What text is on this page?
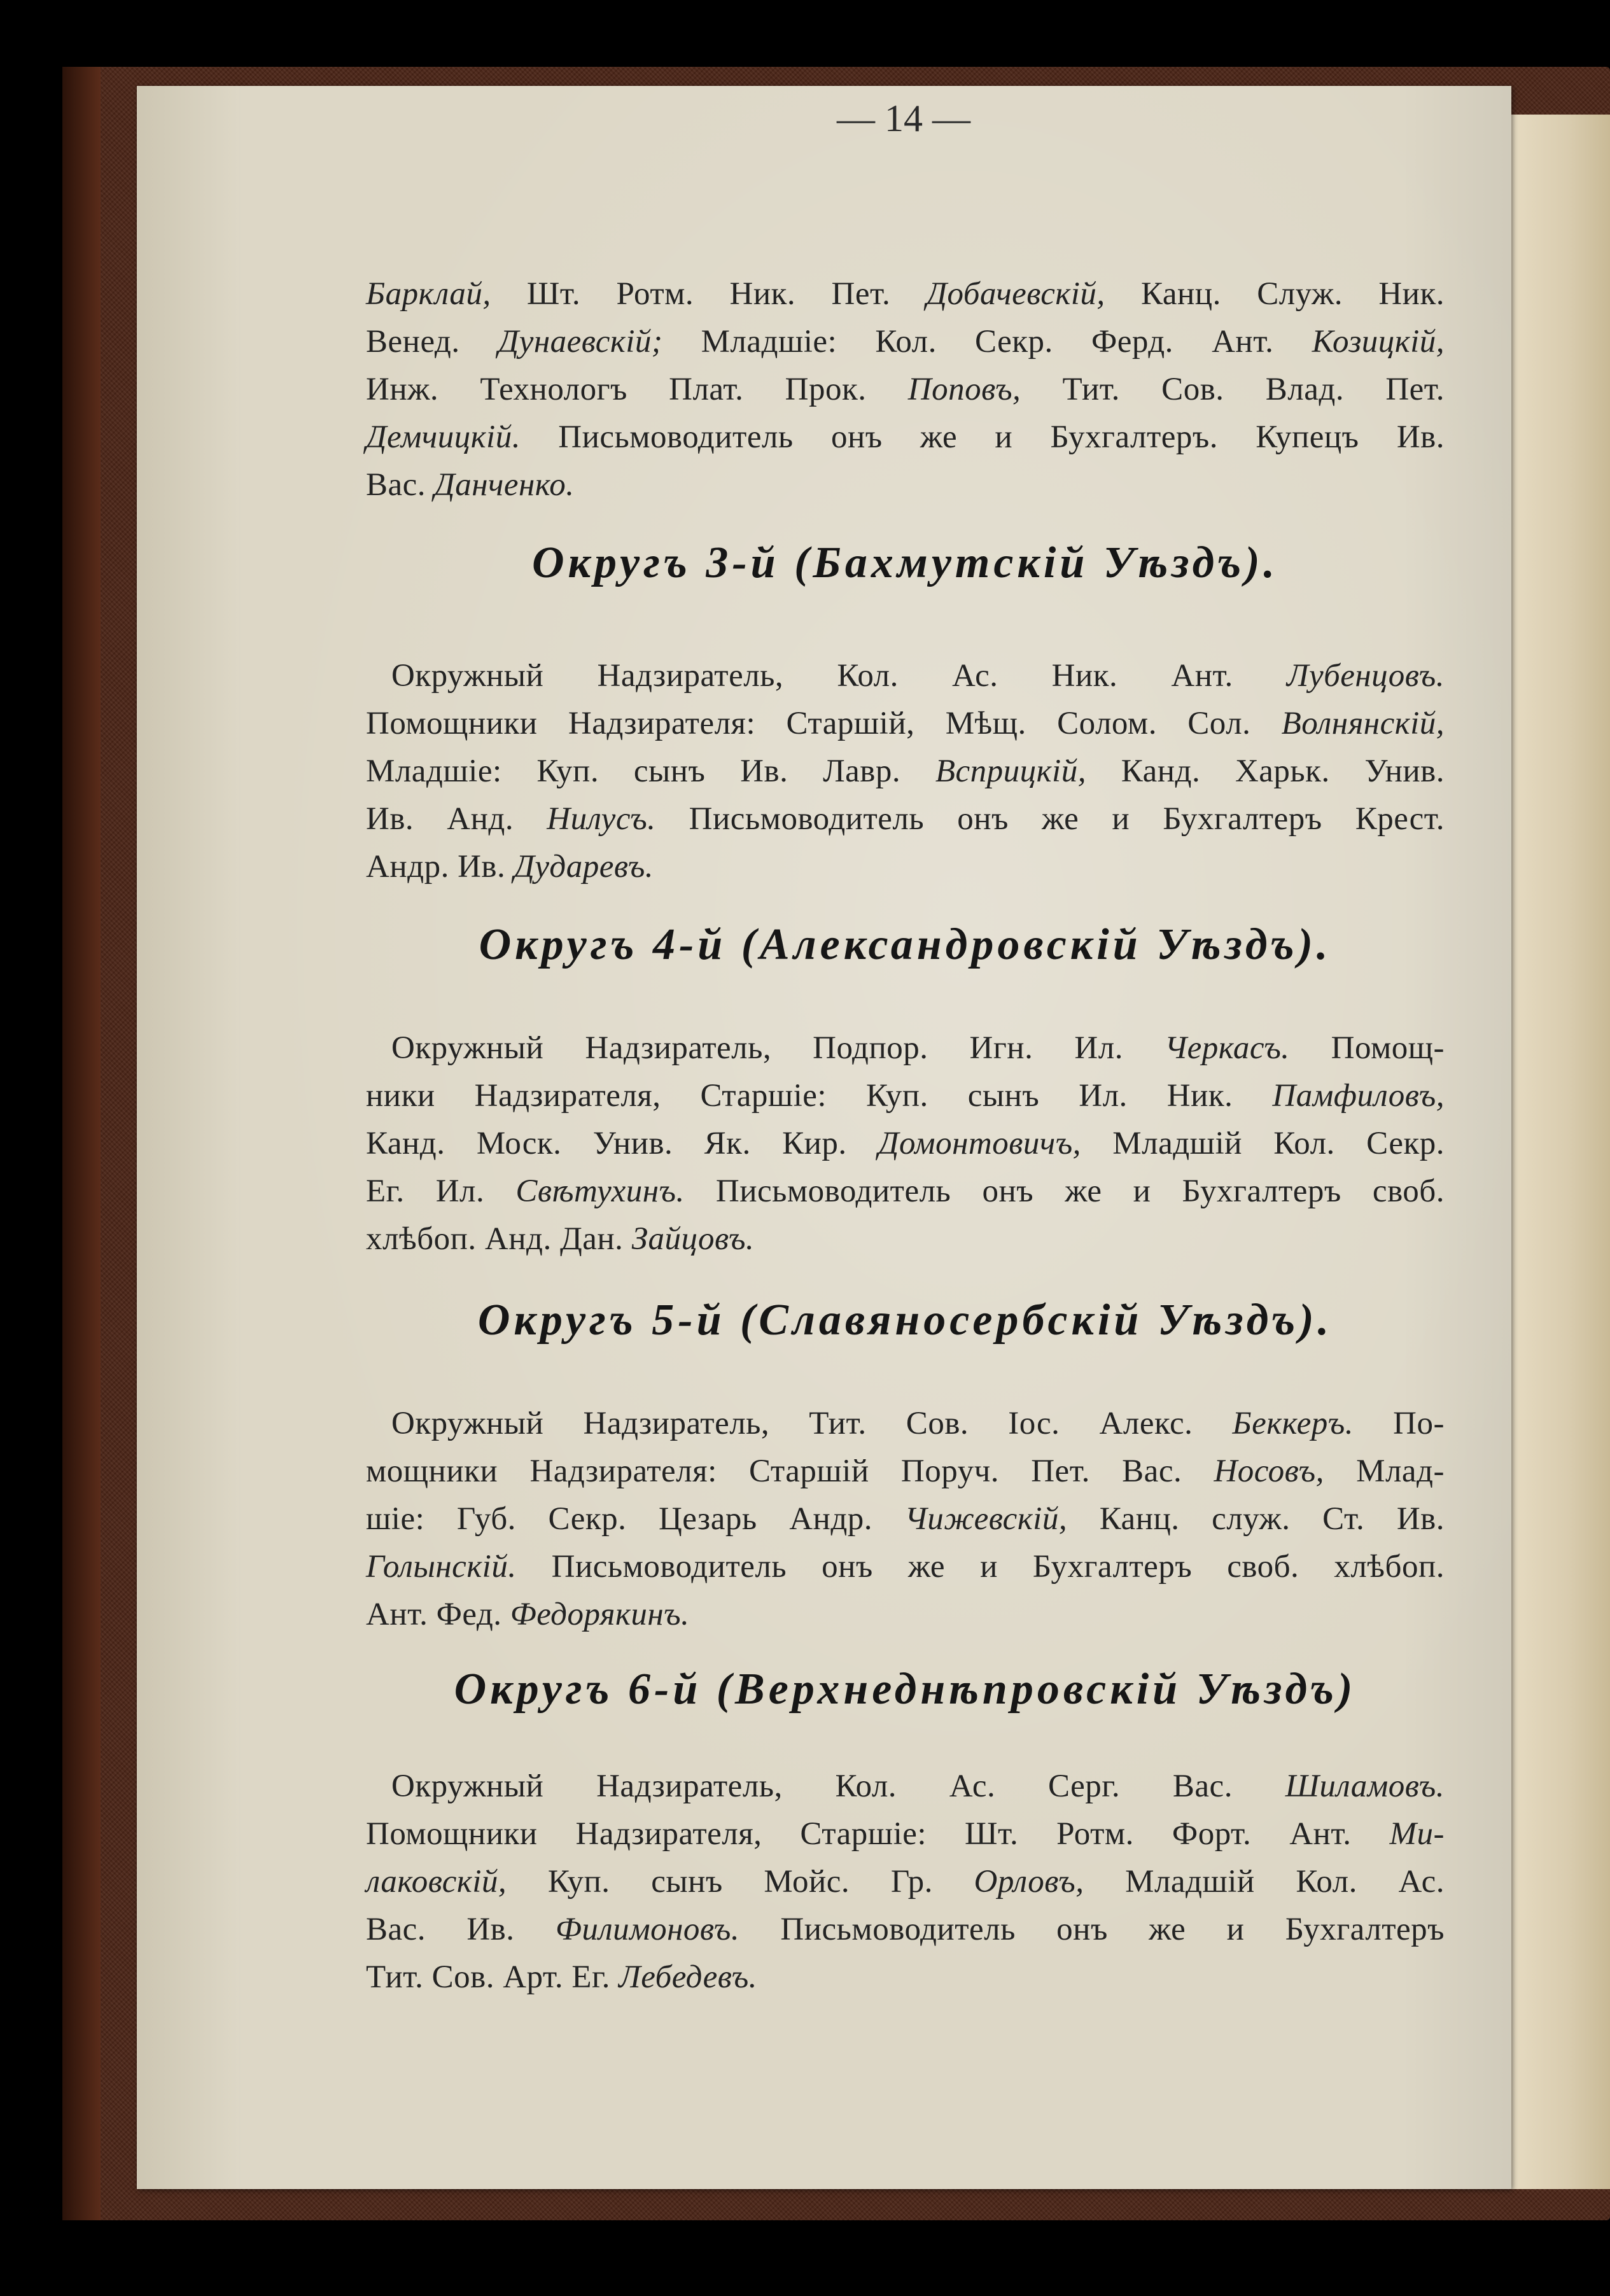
— 14 —
Барклай, Шт. Ротм. Ник. Пет. Добачевскій, Канц. Служ. Ник.
Венед. Дунаевскій; Младшіе: Кол. Секр. Ферд. Ант. Козицкій,
Инж. Технологъ Плат. Прок. Поповъ, Тит. Сов. Влад. Пет.
Демчицкій. Письмоводитель онъ же и Бухгалтеръ. Купецъ Ив.
Вас. Данченко.
Округъ 3-й (Бахмутскій Уѣздъ).
Окружный Надзиратель, Кол. Ас. Ник. Ант. Лубенцовъ.
Помощники Надзирателя: Старшій, Мѣщ. Солом. Сол. Волнянскій,
Младшіе: Куп. сынъ Ив. Лавр. Всприцкій, Канд. Харьк. Унив.
Ив. Анд. Нилусъ. Письмоводитель онъ же и Бухгалтеръ Крест.
Андр. Ив. Дударевъ.
Округъ 4-й (Александровскій Уѣздъ).
Окружный Надзиратель, Подпор. Игн. Ил. Черкасъ. Помощ-
ники Надзирателя, Старшіе: Куп. сынъ Ил. Ник. Памфиловъ,
Канд. Моск. Унив. Як. Кир. Домонтовичъ, Младшій Кол. Секр.
Ег. Ил. Свѣтухинъ. Письмоводитель онъ же и Бухгалтеръ своб.
хлѣбоп. Анд. Дан. Зайцовъ.
Округъ 5-й (Славяносербскій Уѣздъ).
Окружный Надзиратель, Тит. Сов. Іос. Алекс. Беккеръ. По-
мощники Надзирателя: Старшій Поруч. Пет. Вас. Носовъ, Млад-
шіе: Губ. Секр. Цезарь Андр. Чижевскій, Канц. служ. Ст. Ив.
Голынскій. Письмоводитель онъ же и Бухгалтеръ своб. хлѣбоп.
Ант. Фед. Федорякинъ.
Округъ 6-й (Верхнеднѣпровскій Уѣздъ)
Окружный Надзиратель, Кол. Ас. Серг. Вас. Шиламовъ.
Помощники Надзирателя, Старшіе: Шт. Ротм. Форт. Ант. Ми-
лаковскій, Куп. сынъ Мойс. Гр. Орловъ, Младшій Кол. Ас.
Вас. Ив. Филимоновъ. Письмоводитель онъ же и Бухгалтеръ
Тит. Сов. Арт. Ег. Лебедевъ.
